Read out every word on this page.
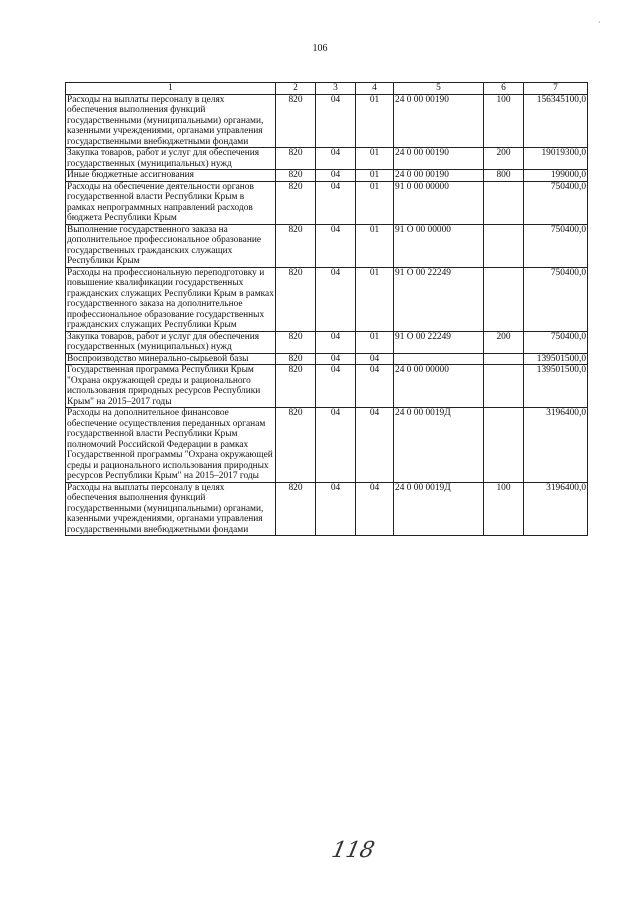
·
106
1	2	3	4	5	6	7
Расходы на выплаты персоналу в целях обеспечения выполнения функций государственными (муниципальными) органами, казенными учреждениями, органами управления государственными внебюджетными фондами	820	04	01	24 0 00 00190	100	156345100,0
Закупка товаров, работ и услуг для обеспечения государственных (муниципальных) нужд	820	04	01	24 0 00 00190	200	19019300,0
Иные бюджетные ассигнования	820	04	01	24 0 00 00190	800	199000,0
Расходы на обеспечение деятельности органов государственной власти Республики Крым в рамках непрограммных направлений расходов бюджета Республики Крым	820	04	01	91 0 00 00000		750400,0
Выполнение государственного заказа на дополнительное профессиональное образование государственных гражданских служащих Республики Крым	820	04	01	91 О 00 00000		750400,0
Расходы на профессиональную переподготовку и повышение квалификации государственных гражданских служащих Республики Крым в рамках государственного заказа на дополнительное профессиональное образование государственных гражданских служащих Республики Крым	820	04	01	91 О 00 22249		750400,0
Закупка товаров, работ и услуг для обеспечения государственных (муниципальных) нужд	820	04	01	91 О 00 22249	200	750400,0
Воспроизводство минерально-сырьевой базы	820	04	04			139501500,0
Государственная программа Республики Крым "Охрана окружающей среды и рационального использования природных ресурсов Республики Крым" на 2015–2017 годы	820	04	04	24 0 00 00000		139501500,0
Расходы на дополнительное финансовое обеспечение осуществления переданных органам государственной власти Республики Крым полномочий Российской Федерации в рамках Государственной программы "Охрана окружающей среды и рационального использования природных ресурсов Республики Крым" на 2015–2017 годы	820	04	04	24 0 00 0019Д		3196400,0
Расходы на выплаты персоналу в целях обеспечения выполнения функций государственными (муниципальными) органами, казенными учреждениями, органами управления государственными внебюджетными фондами	820	04	04	24 0 00 0019Д	100	3196400,0
118
